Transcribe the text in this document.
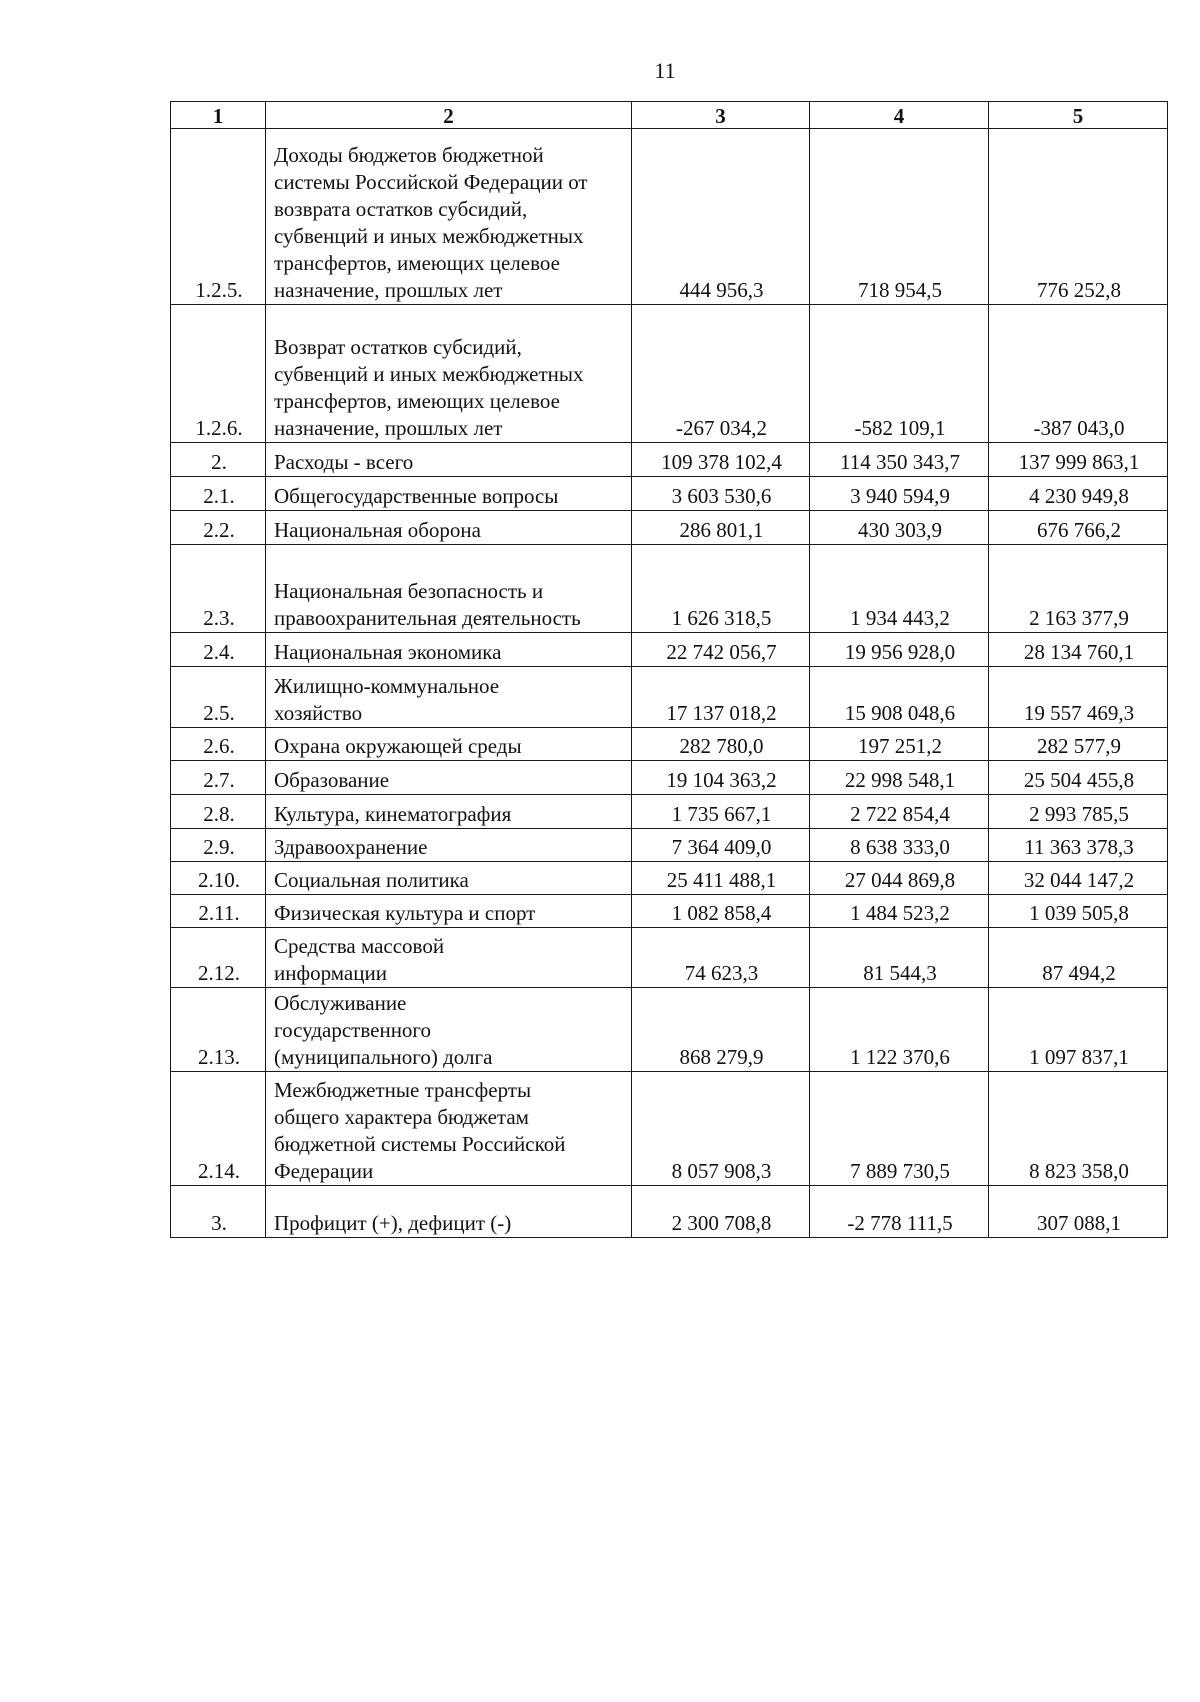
11
1	2	3	4	5
1.2.5.	Доходы бюджетов бюджетной системы Российской Федерации от возврата остатков субсидий, субвенций и иных межбюджетных трансфертов, имеющих целевое назначение, прошлых лет	444 956,3	718 954,5	776 252,8
1.2.6.	Возврат остатков субсидий, субвенций и иных межбюджетных трансфертов, имеющих целевое назначение, прошлых лет	-267 034,2	-582 109,1	-387 043,0
2.	Расходы - всего	109 378 102,4	114 350 343,7	137 999 863,1
2.1.	Общегосударственные вопросы	3 603 530,6	3 940 594,9	4 230 949,8
2.2.	Национальная оборона	286 801,1	430 303,9	676 766,2
2.3.	Национальная безопасность и правоохранительная деятельность	1 626 318,5	1 934 443,2	2 163 377,9
2.4.	Национальная экономика	22 742 056,7	19 956 928,0	28 134 760,1
2.5.	Жилищно-коммунальное хозяйство	17 137 018,2	15 908 048,6	19 557 469,3
2.6.	Охрана окружающей среды	282 780,0	197 251,2	282 577,9
2.7.	Образование	19 104 363,2	22 998 548,1	25 504 455,8
2.8.	Культура, кинематография	1 735 667,1	2 722 854,4	2 993 785,5
2.9.	Здравоохранение	7 364 409,0	8 638 333,0	11 363 378,3
2.10.	Социальная политика	25 411 488,1	27 044 869,8	32 044 147,2
2.11.	Физическая культура и спорт	1 082 858,4	1 484 523,2	1 039 505,8
2.12.	Средства массовой информации	74 623,3	81 544,3	87 494,2
2.13.	Обслуживание государственного (муниципального) долга	868 279,9	1 122 370,6	1 097 837,1
2.14.	Межбюджетные трансферты общего характера бюджетам бюджетной системы Российской Федерации	8 057 908,3	7 889 730,5	8 823 358,0
3.	Профицит (+), дефицит (-)	2 300 708,8	-2 778 111,5	307 088,1
